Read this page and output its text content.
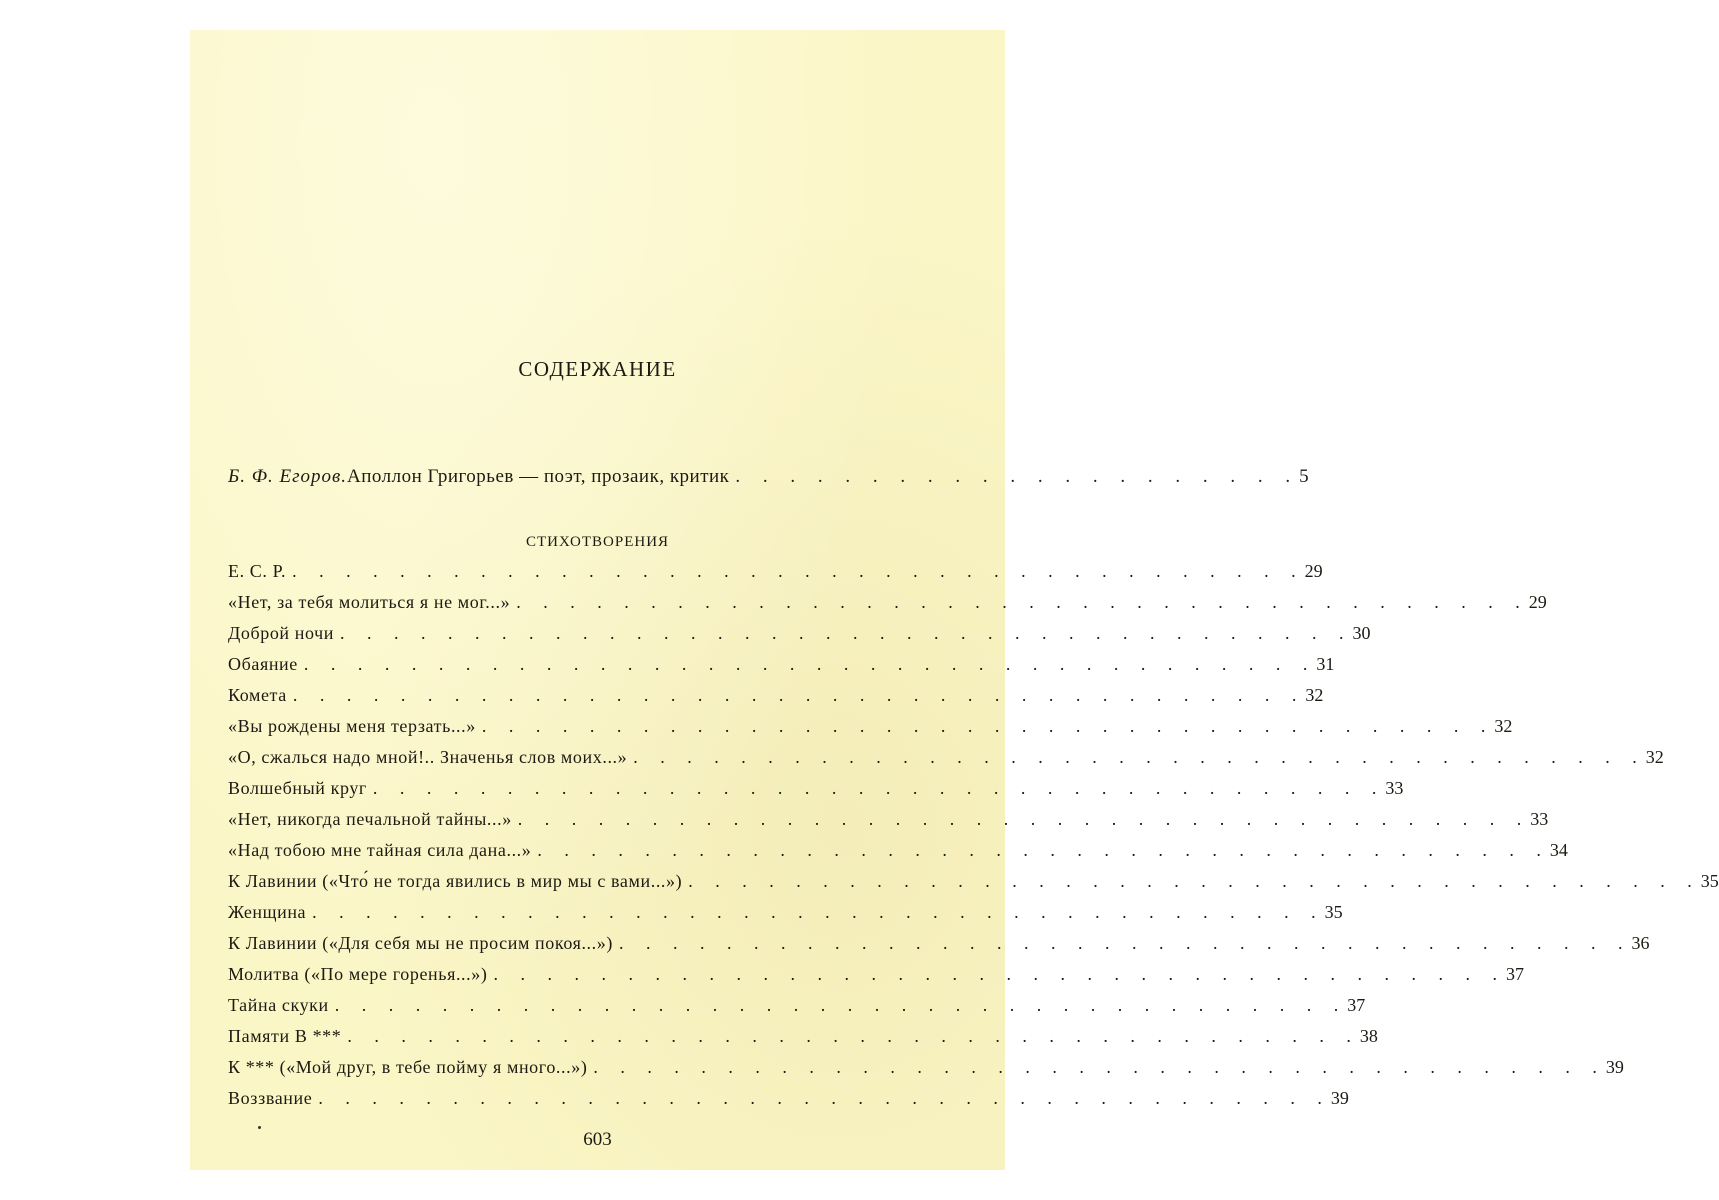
СОДЕРЖАНИЕ
Б. Ф. Егоров. Аполлон Григорьев — поэт, прозаик, критик . . . . . . . . . . . . . . . . . . . . . 5
СТИХОТВОРЕНИЯ
Е. С. Р. . . . . . . . . . . . . . . . . . . . . . . . . . . . . . . . . . . . . . . 29
«Нет, за тебя молиться я не мог...» . . . . . . . . . . . . . . . . . . . . . . . . . . . . . . . . . . . . . . 29
Доброй ночи . . . . . . . . . . . . . . . . . . . . . . . . . . . . . . . . . . . . . . 30
Обаяние . . . . . . . . . . . . . . . . . . . . . . . . . . . . . . . . . . . . . . 31
Комета . . . . . . . . . . . . . . . . . . . . . . . . . . . . . . . . . . . . . . 32
«Вы рождены меня терзать...» . . . . . . . . . . . . . . . . . . . . . . . . . . . . . . . . . . . . . . 32
«О, сжалься надо мной!.. Значенья слов моих...» . . . . . . . . . . . . . . . . . . . . . . . . . . . . . . . . . . . . . . 32
Волшебный круг . . . . . . . . . . . . . . . . . . . . . . . . . . . . . . . . . . . . . . 33
«Нет, никогда печальной тайны...» . . . . . . . . . . . . . . . . . . . . . . . . . . . . . . . . . . . . . . 33
«Над тобою мне тайная сила дана...» . . . . . . . . . . . . . . . . . . . . . . . . . . . . . . . . . . . . . . 34
К Лавинии («Что́ не тогда явились в мир мы с вами...») . . . . . . . . . . . . . . . . . . . . . . . . . . . . . . . . . . . . . . 35
Женщина . . . . . . . . . . . . . . . . . . . . . . . . . . . . . . . . . . . . . . 35
К Лавинии («Для себя мы не просим покоя...») . . . . . . . . . . . . . . . . . . . . . . . . . . . . . . . . . . . . . . 36
Молитва («По мере горенья...») . . . . . . . . . . . . . . . . . . . . . . . . . . . . . . . . . . . . . . 37
Тайна скуки . . . . . . . . . . . . . . . . . . . . . . . . . . . . . . . . . . . . . . 37
Памяти В *** . . . . . . . . . . . . . . . . . . . . . . . . . . . . . . . . . . . . . . 38
К *** («Мой друг, в тебе пойму я много...») . . . . . . . . . . . . . . . . . . . . . . . . . . . . . . . . . . . . . . 39
Воззвание . . . . . . . . . . . . . . . . . . . . . . . . . . . . . . . . . . . . . . 39
603
